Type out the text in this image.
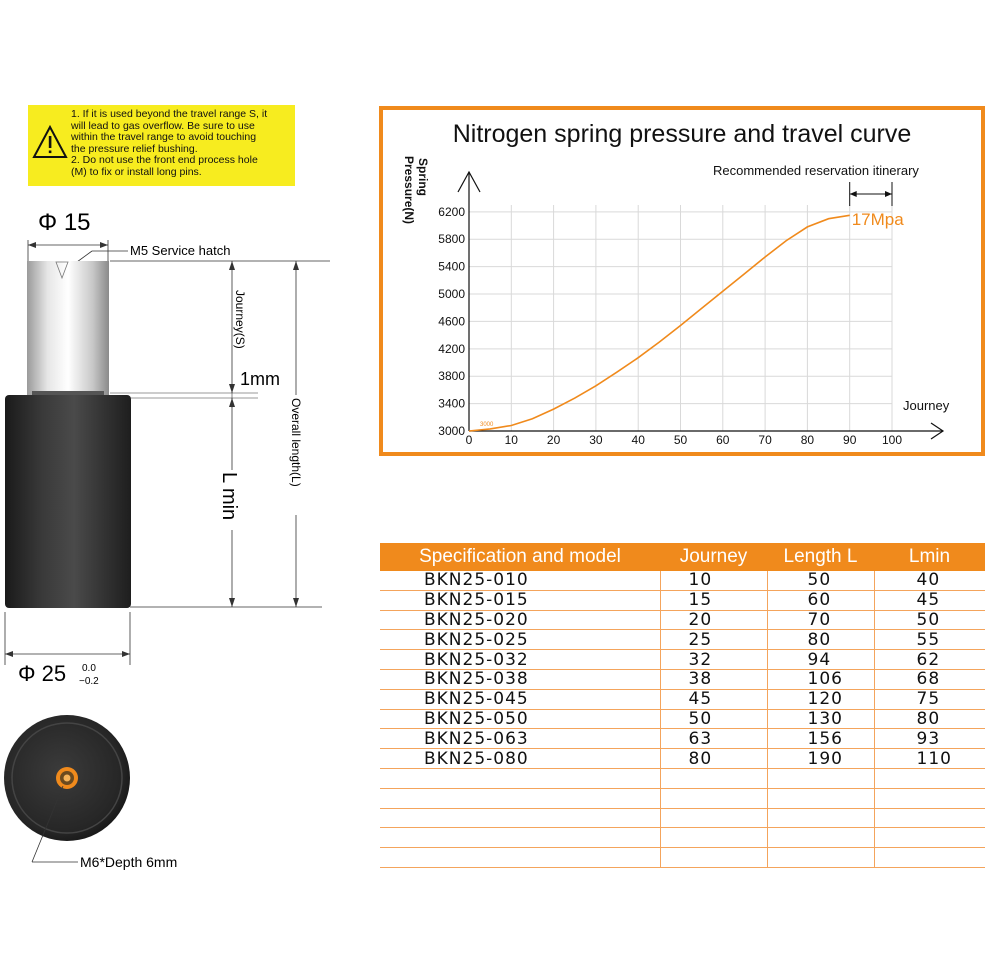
1. If it is used beyond the travel range S, it
will lead to gas overflow. Be sure to use
within the travel range to avoid touching
the pressure relief bushing.
2. Do not use the front end process hole
(M) to fix or install long pins.
Φ 15
M5 Service hatch
Journey(S)
1mm
L min
Overall length(L)
Φ 25 0.0
−0.2
M6*Depth 6mm
Nitrogen spring pressure and travel curve
0	10 20 30 40 50 60 70 80 90 100
3000
3400
3800
4200
4600
5000
5400
5800
6200
Spring
Pressure(N)
Journey
Recommended reservation itinerary
17Mpa
3000
Specification and model	Journey	Length L	Lmin
BKN25-010	10	50	40
BKN25-015	15	60	45
BKN25-020	20	70	50
BKN25-025	25	80	55
BKN25-032	32	94	62
BKN25-038	38	106	68
BKN25-045	45	120	75
BKN25-050	50	130	80
BKN25-063	63	156	93
BKN25-080	80	190	110
